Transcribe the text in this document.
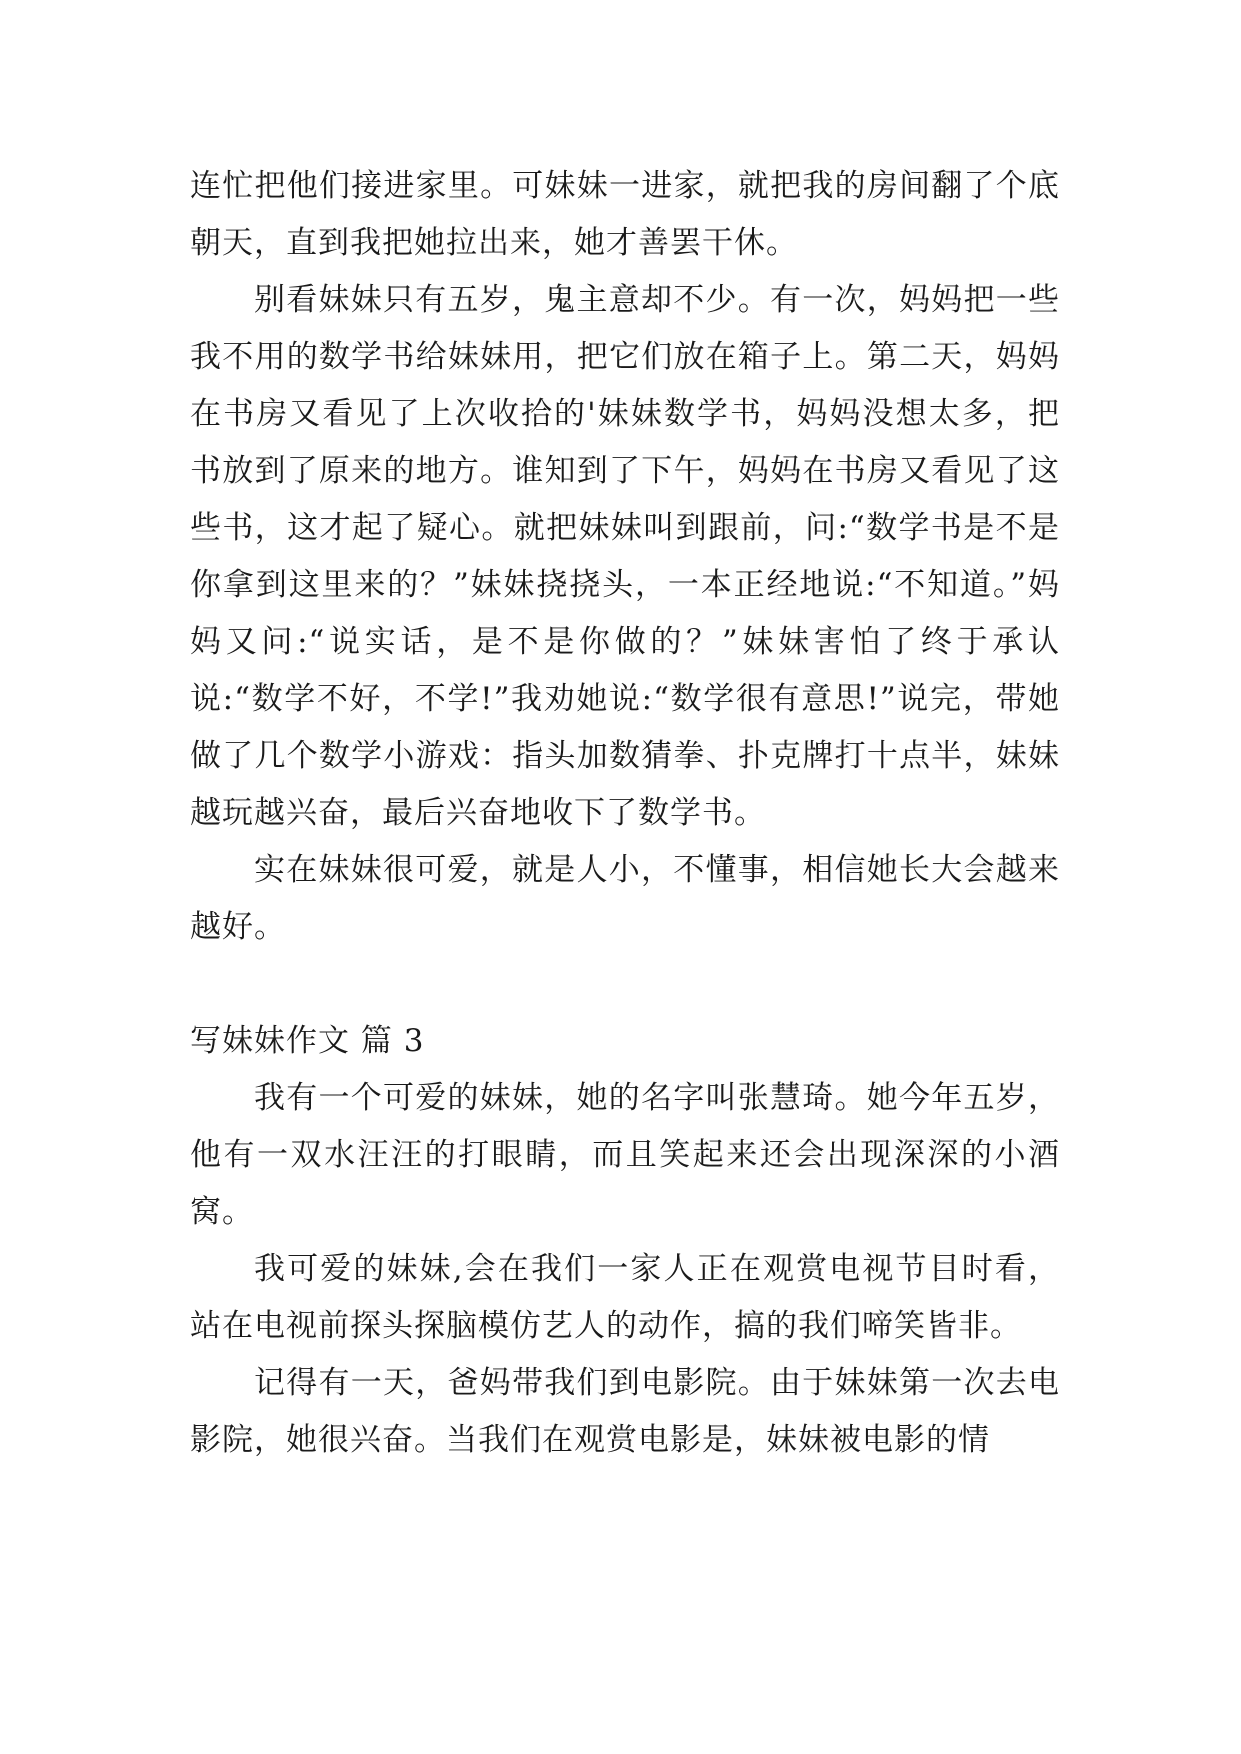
连忙把他们接进家里。可妹妹一进家，就把我的房间翻了个底朝天，直到我把她拉出来，她才善罢干休。

别看妹妹只有五岁，鬼主意却不少。有一次，妈妈把一些我不用的数学书给妹妹用，把它们放在箱子上。第二天，妈妈在书房又看见了上次收拾的'妹妹数学书，妈妈没想太多，把书放到了原来的地方。谁知到了下午，妈妈在书房又看见了这些书，这才起了疑心。就把妹妹叫到跟前，问:“数学书是不是你拿到这里来的？”妹妹挠挠头，一本正经地说:“不知道。”妈妈又问:“说实话，是不是你做的？”妹妹害怕了终于承认说:“数学不好，不学!”我劝她说:“数学很有意思!”说完，带她做了几个数学小游戏：指头加数猜拳、扑克牌打十点半，妹妹越玩越兴奋，最后兴奋地收下了数学书。

实在妹妹很可爱，就是人小，不懂事，相信她长大会越来越好。

写妹妹作文 篇 3

我有一个可爱的妹妹，她的名字叫张慧琦。她今年五岁，他有一双水汪汪的打眼睛，而且笑起来还会出现深深的小酒窝。

我可爱的妹妹,会在我们一家人正在观赏电视节目时看，站在电视前探头探脑模仿艺人的动作，搞的我们啼笑皆非。

记得有一天，爸妈带我们到电影院。由于妹妹第一次去电影院，她很兴奋。当我们在观赏电影是，妹妹被电影的情
